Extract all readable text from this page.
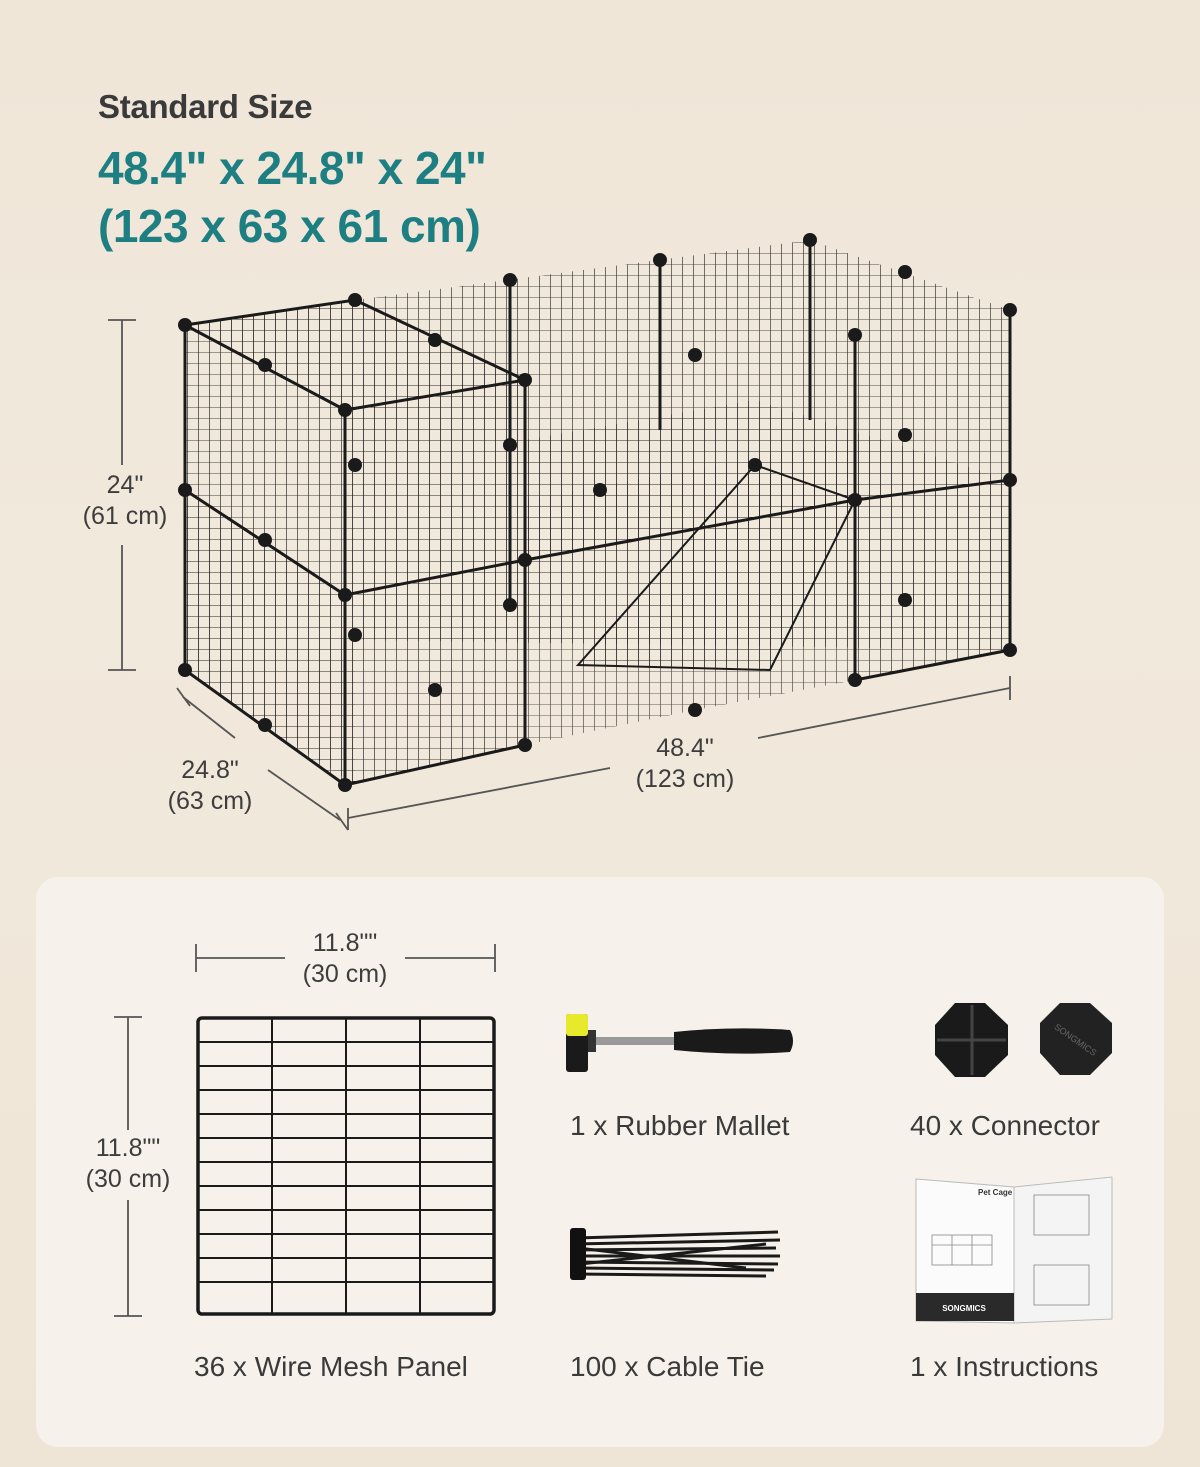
Standard Size
48.4" x 24.8" x 24"
(123 x 63 x 61 cm)
24"
(61 cm)
24.8"
(63 cm)
48.4"
(123 cm)
11.8""
(30 cm)
11.8""
(30 cm)
36 x Wire Mesh Panel
1 x Rubber Mallet
SONGMICS
40 x Connector
100 x Cable Tie
Pet Cage
SONGMICS
1 x Instructions
